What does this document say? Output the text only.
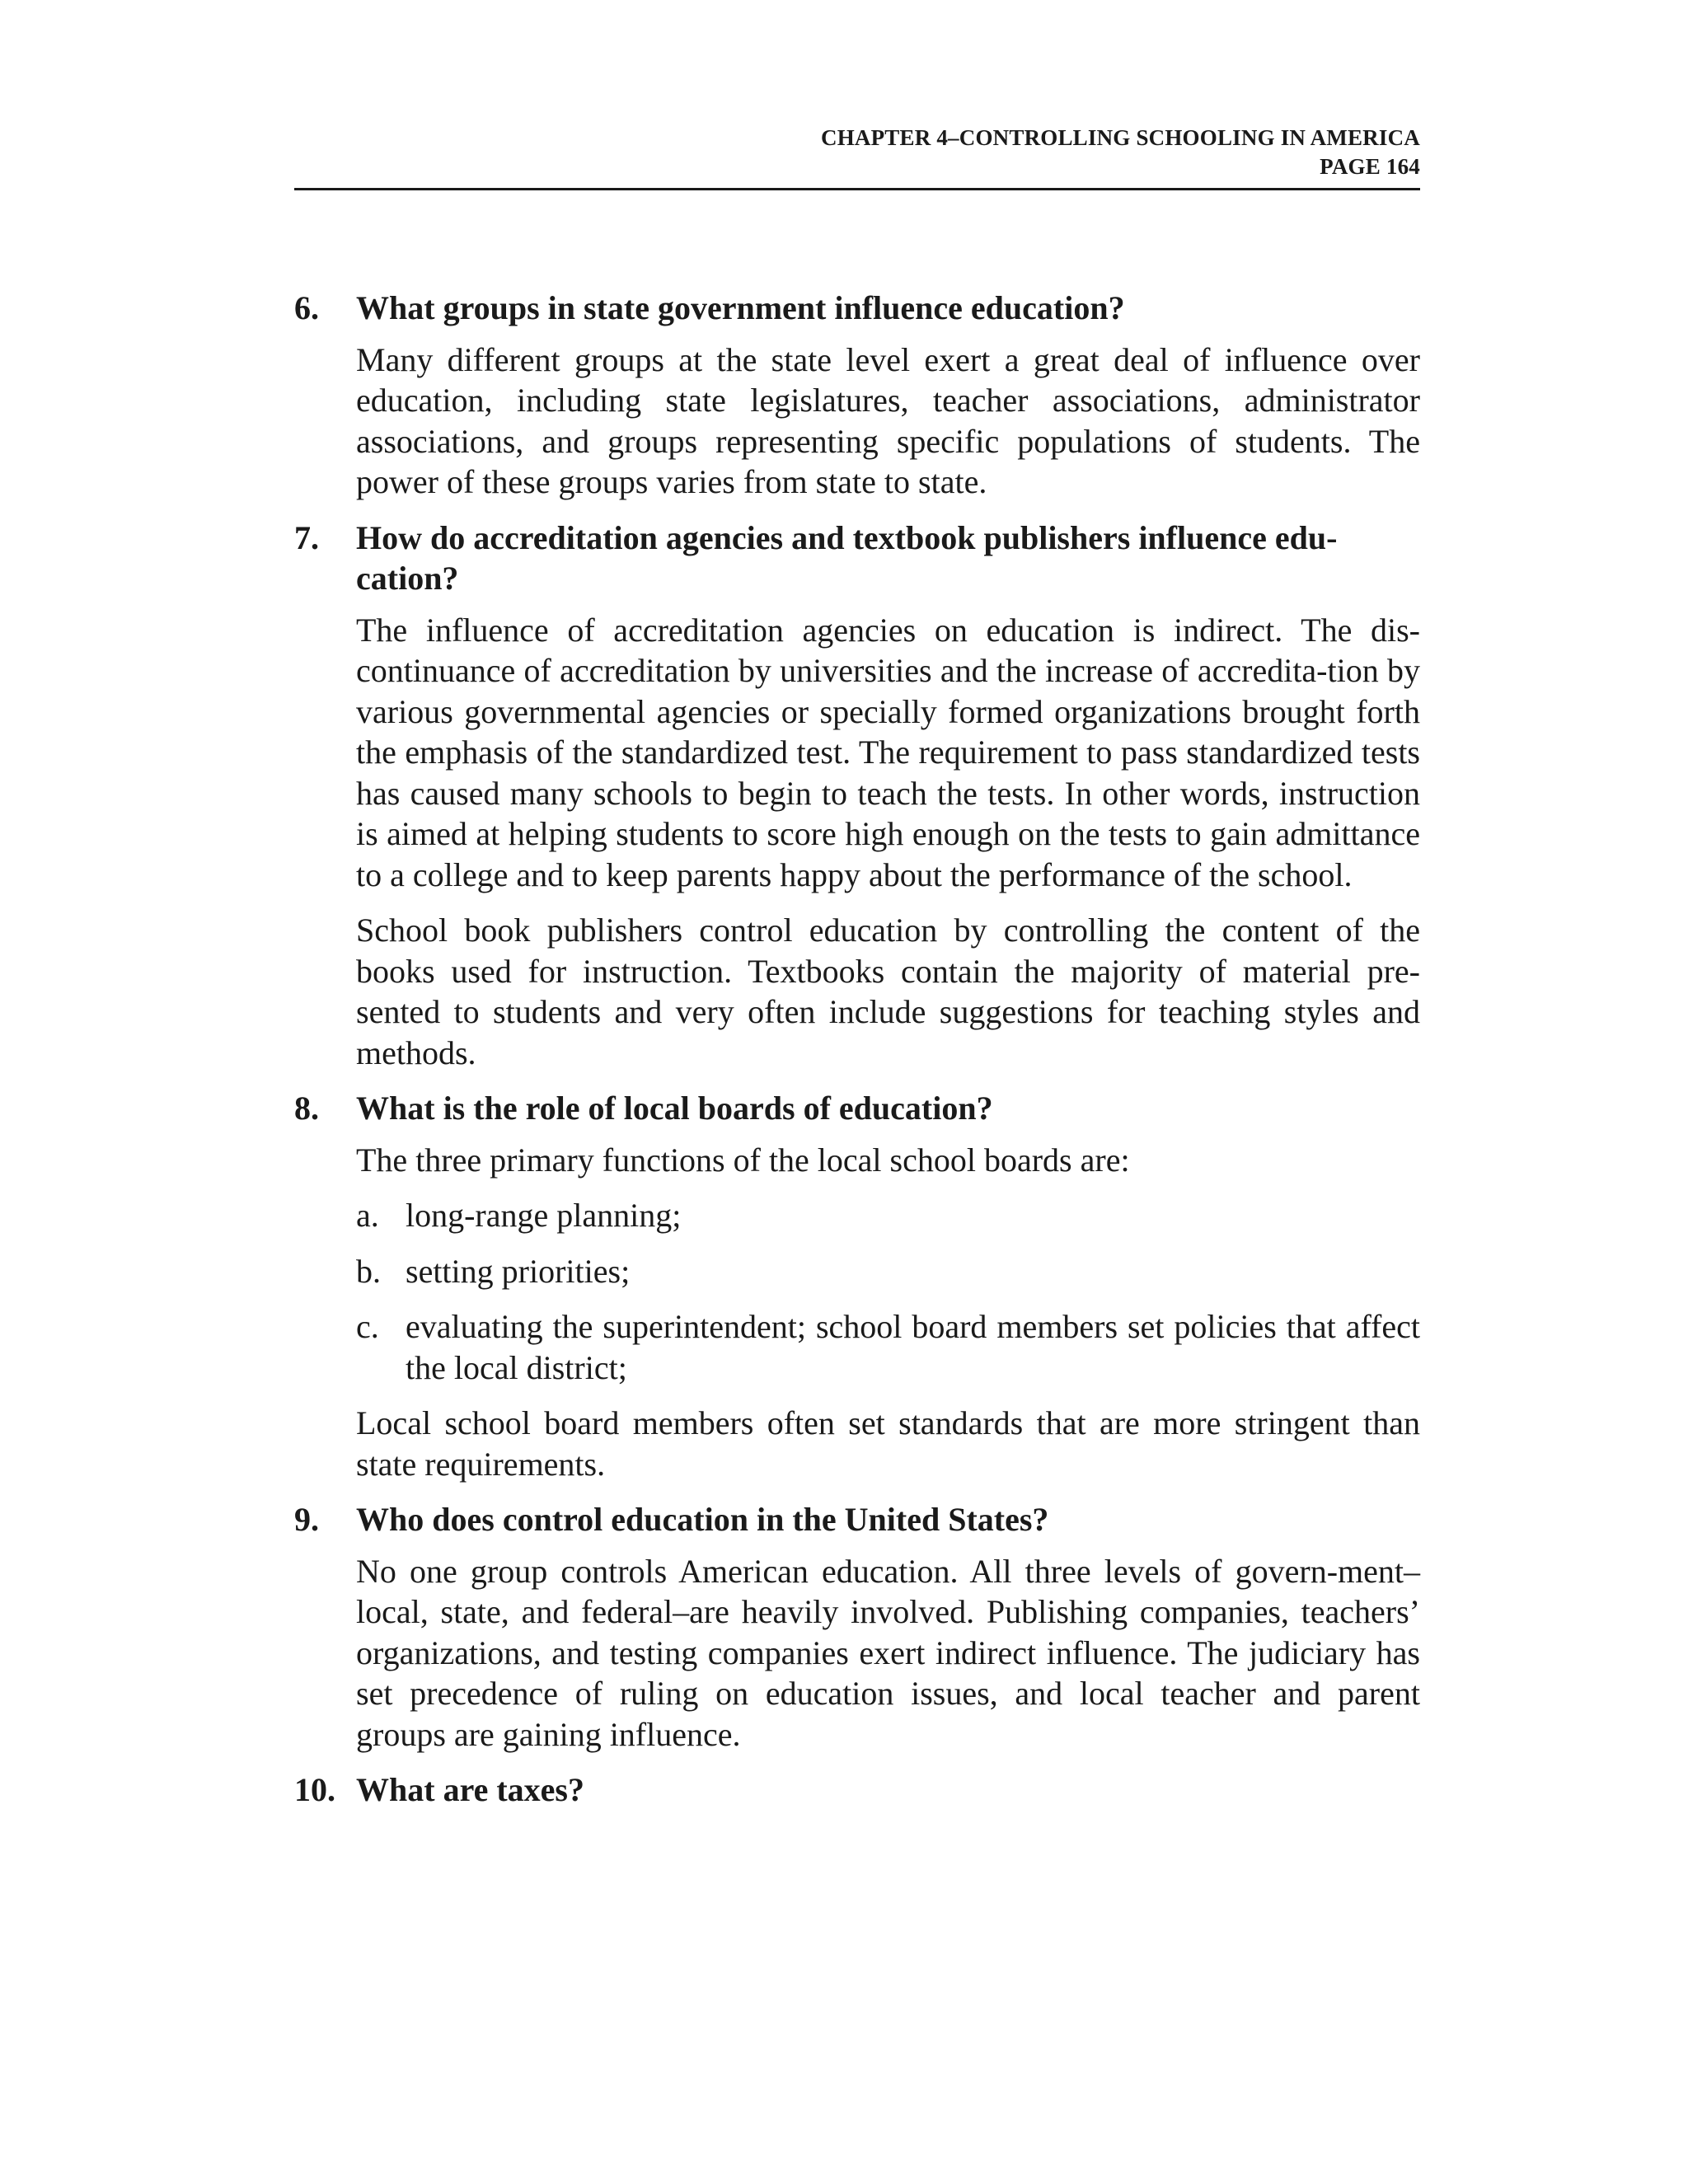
CHAPTER 4–CONTROLLING SCHOOLING IN AMERICA
PAGE 164
6.	What groups in state government influence education?

Many different groups at the state level exert a great deal of influence over education, including state legislatures, teacher associations, administrator associations, and groups representing specific populations of students. The power of these groups varies from state to state.

7.	How do accreditation agencies and textbook publishers influence edu-cation?

The influence of accreditation agencies on education is indirect. The dis-continuance of accreditation by universities and the increase of accredita-tion by various governmental agencies or specially formed organizations brought forth the emphasis of the standardized test. The requirement to pass standardized tests has caused many schools to begin to teach the tests. In other words, instruction is aimed at helping students to score high enough on the tests to gain admittance to a college and to keep parents happy about the performance of the school.

School book publishers control education by controlling the content of the books used for instruction. Textbooks contain the majority of material pre-sented to students and very often include suggestions for teaching styles and methods.

8.	What is the role of local boards of education?

The three primary functions of the local school boards are:

a. long-range planning;
b. setting priorities;
c. evaluating the superintendent; school board members set policies that affect the local district;

Local school board members often set standards that are more stringent than state requirements.

9.	Who does control education in the United States?

No one group controls American education. All three levels of govern-ment–local, state, and federal–are heavily involved. Publishing companies, teachers’ organizations, and testing companies exert indirect influence. The judiciary has set precedence of ruling on education issues, and local teacher and parent groups are gaining influence.

10. What are taxes?
